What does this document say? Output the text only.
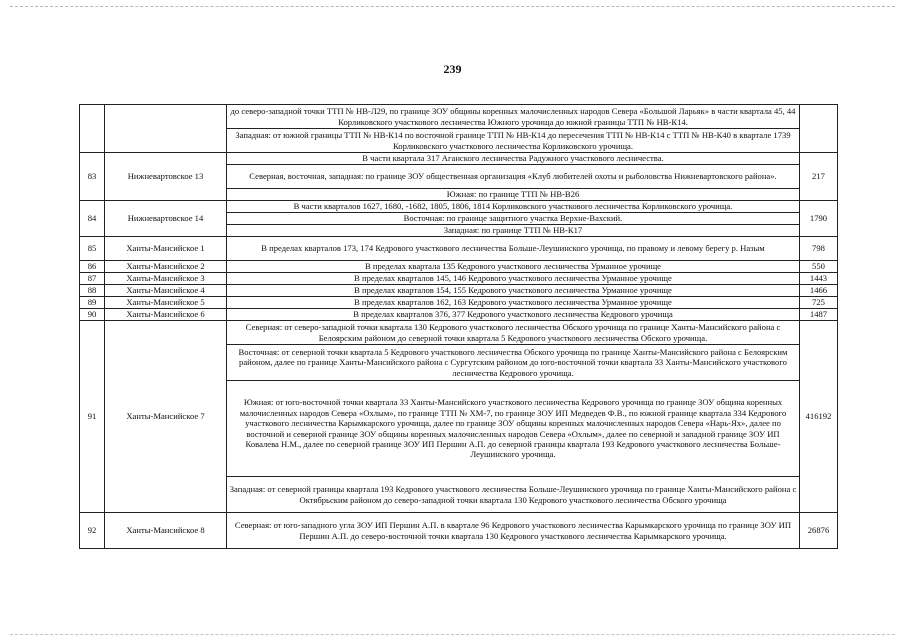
239
		до северо-западной точки ТТП № НВ-Л29, по границе ЗОУ общины коренных малочисленных народов Севера «Большой Ларьяк» в части квартала 45, 44 Корликовского участкового лесничества Южного урочища до южной границы ТТП № НВ-К14.	
		Западная: от южной границы ТТП № НВ-К14 по восточной границе ТТП № НВ-К14 до пересечения ТТП № НВ-К14 с ТТП № НВ-К40 в квартале 1739 Корликовского участкового лесничества Корликовского урочища.	
83	Нижневартовское 13	В части квартала 317 Аганского лесничества Радужного участкового лесничества.	217
		Северная, восточная, западная: по границе ЗОУ общественная организация «Клуб любителей охоты и рыболовства Нижневартовского района».	
		Южная: по границе ТТП № НВ-В26	
84	Нижневартовское 14	В части кварталов 1627, 1680, -1682, 1805, 1806, 1814 Корликовского участкового лесничества Корликовского урочища.	1790
		Восточная: по границе защитного участка Верхне-Вахский.	
		Западная: по границе ТТП № НВ-К17	
85	Ханты-Мансийское 1	В пределах кварталов 173, 174 Кедрового участкового лесничества Больше-Леушинского урочища, по правому и левому берегу р. Назым	798
86	Ханты-Мансийское 2	В пределах квартала 135 Кедрового участкового лесничества Урманное урочище	550
87	Ханты-Мансийское 3	В пределах кварталов 145, 146 Кедрового участкового лесничества Урманное урочище	1443
88	Ханты-Мансийское 4	В пределах кварталов 154, 155 Кедрового участкового лесничества Урманное урочище	1466
89	Ханты-Мансийское 5	В пределах кварталов 162, 163 Кедрового участкового лесничества Урманное урочище	725
90	Ханты-Мансийское 6	В пределах кварталов 376, 377 Кедрового участкового лесничества Кедрового урочища	1487
91	Ханты-Мансийское 7	Северная: от северо-западной точки квартала 130 Кедрового участкового лесничества Обского урочища по границе Ханты-Мансийского района с Белоярским районом до северной точки квартала 5 Кедрового участкового лесничества Обского урочища.	416192
		Восточная: от северной точки квартала 5 Кедрового участкового лесничества Обского урочища по границе Ханты-Мансийского района с Белоярским районом, далее по границе Ханты-Мансийского района с Сургутским районом до юго-восточной точки квартала 33 Ханты-Мансийского участкового лесничества Кедрового урочища.	
		Южная: от юго-восточной точки квартала 33 Ханты-Мансийского участкового лесничества Кедрового урочища по границе ЗОУ община коренных малочисленных народов Севера «Охлым», по границе ТТП № ХМ-7, по границе ЗОУ ИП Медведев Ф.В., по южной границе квартала 334 Кедрового участкового лесничества Карымкарского урочища, далее по границе ЗОУ общины коренных малочисленных народов Севера «Нарь-Ях», далее по восточной и северной границе ЗОУ общины коренных малочисленных народов Севера «Охлым», далее по северной и западной границе ЗОУ ИП Ковалева Н.М., далее по северной границе ЗОУ ИП Першин А.П. до северной границы квартала 193 Кедрового участкового лесничества Больше-Леушинского урочища.	
		Западная: от северной границы квартала 193 Кедрового участкового лесничества Больше-Леушинского урочища по границе Ханты-Мансийского района с Октябрьским районом до северо-западной точки квартала 130 Кедрового участкового лесничества Обского урочища	
92	Ханты-Мансийское 8	Северная: от юго-западного угла ЗОУ ИП Першин А.П. в квартале 96 Кедрового участкового лесничества Карымкарского урочища по границе ЗОУ ИП Першин А.П. до северо-восточной точки квартала 130 Кедрового участкового лесничества Карымкарского урочища.	26876
